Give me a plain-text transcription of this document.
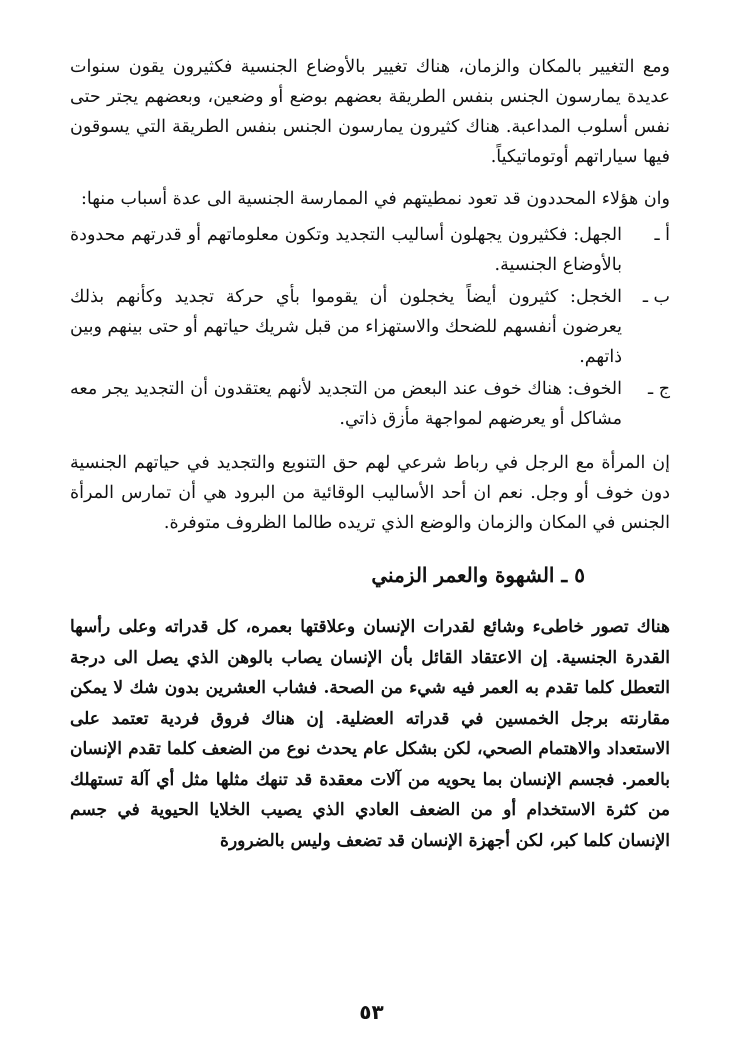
ومع التغيير بالمكان والزمان، هناك تغيير بالأوضاع الجنسية فكثيرون يقون سنوات عديدة يمارسون الجنس بنفس الطريقة بعضهم بوضع أو وضعين، وبعضهم يجتر حتى نفس أسلوب المداعبة. هناك كثيرون يمارسون الجنس بنفس الطريقة التي يسوقون فيها سياراتهم أوتوماتيكياً.

وان هؤلاء المحددون قد تعود نمطيتهم في الممارسة الجنسية الى عدة أسباب منها:

أ ـ
الجهل: فكثيرون يجهلون أساليب التجديد وتكون معلوماتهم أو قدرتهم محدودة بالأوضاع الجنسية.
ب ـ
الخجل: كثيرون أيضاً يخجلون أن يقوموا بأي حركة تجديد وكأنهم بذلك يعرضون أنفسهم للضحك والاستهزاء من قبل شريك حياتهم أو حتى بينهم وبين ذاتهم.
ج ـ
الخوف: هناك خوف عند البعض من التجديد لأنهم يعتقدون أن التجديد يجر معه مشاكل أو يعرضهم لمواجهة مأزق ذاتي.

إن المرأة مع الرجل في رباط شرعي لهم حق التنويع والتجديد في حياتهم الجنسية دون خوف أو وجل. نعم ان أحد الأساليب الوقائية من البرود هي أن تمارس المرأة الجنس في المكان والزمان والوضع الذي تريده طالما الظروف متوفرة.

٥ ـ الشهوة والعمر الزمني

هناك تصور خاطىء وشائع لقدرات الإنسان وعلاقتها بعمره، كل قدراته وعلى رأسها القدرة الجنسية. إن الاعتقاد القائل بأن الإنسان يصاب بالوهن الذي يصل الى درجة التعطل كلما تقدم به العمر فيه شيء من الصحة. فشاب العشرين بدون شك لا يمكن مقارنته برجل الخمسين في قدراته العضلية. إن هناك فروق فردية تعتمد على الاستعداد والاهتمام الصحي، لكن بشكل عام يحدث نوع من الضعف كلما تقدم الإنسان بالعمر. فجسم الإنسان بما يحويه من آلات معقدة قد تنهك مثلها مثل أي آلة تستهلك من كثرة الاستخدام أو من الضعف العادي الذي يصيب الخلايا الحيوية في جسم الإنسان كلما كبر، لكن أجهزة الإنسان قد تضعف وليس بالضرورة

٥٣
